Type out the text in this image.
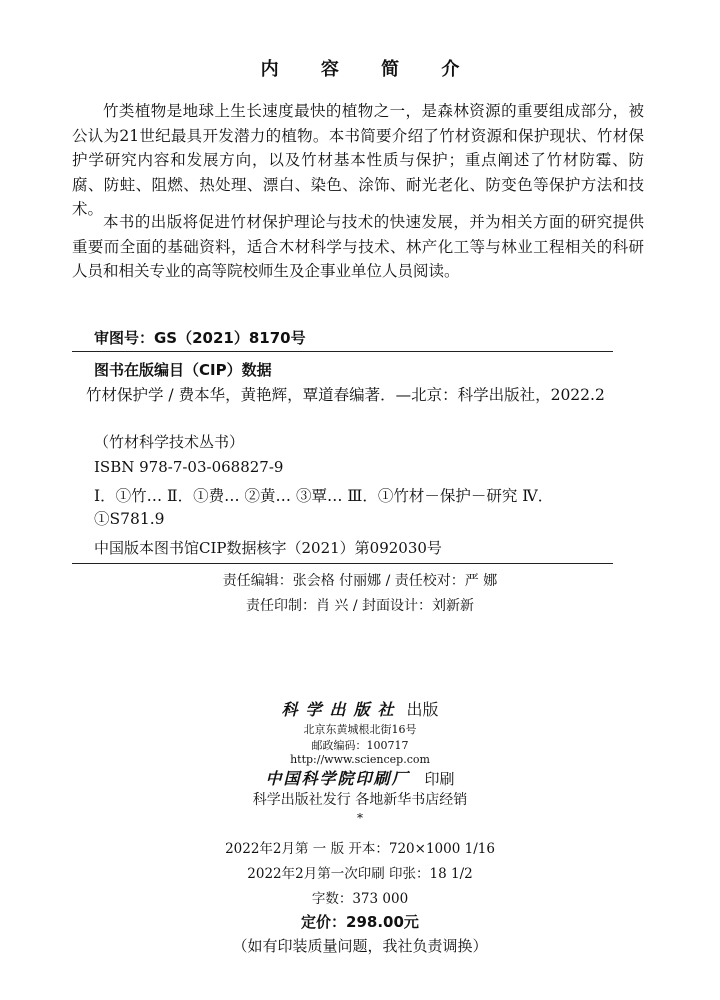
内 容 简 介

竹类植物是地球上生长速度最快的植物之一，是森林资源的重要组成部分，被公认为21世纪最具开发潜力的植物。本书简要介绍了竹材资源和保护现状、竹材保护学研究内容和发展方向，以及竹材基本性质与保护；重点阐述了竹材防霉、防腐、防蛀、阻燃、热处理、漂白、染色、涂饰、耐光老化、防变色等保护方法和技术。

本书的出版将促进竹材保护理论与技术的快速发展，并为相关方面的研究提供重要而全面的基础资料，适合木材科学与技术、林产化工等与林业工程相关的科研人员和相关专业的高等院校师生及企事业单位人员阅读。

审图号：GS（2021）8170号
图书在版编目（CIP）数据
竹材保护学 / 费本华，黄艳辉，覃道春编著．—北京：科学出版社，2022.2
（竹材科学技术丛书）
ISBN 978-7-03-068827-9
Ⅰ．①竹… Ⅱ．①费… ②黄… ③覃… Ⅲ．①竹材－保护－研究 Ⅳ．①S781.9
中国版本图书馆CIP数据核字（2021）第092030号
责任编辑：张会格 付丽娜 / 责任校对：严 娜
责任印制：肖 兴 / 封面设计：刘新新
科学出版社 出版
北京东黄城根北街16号
邮政编码：100717
http://www.sciencep.com
中国科学院印刷厂 印刷
科学出版社发行 各地新华书店经销
*
2022年2月第 一 版 开本：720×1000 1/16
2022年2月第一次印刷 印张：18 1/2
字数：373 000
定价：298.00元
（如有印装质量问题，我社负责调换）
